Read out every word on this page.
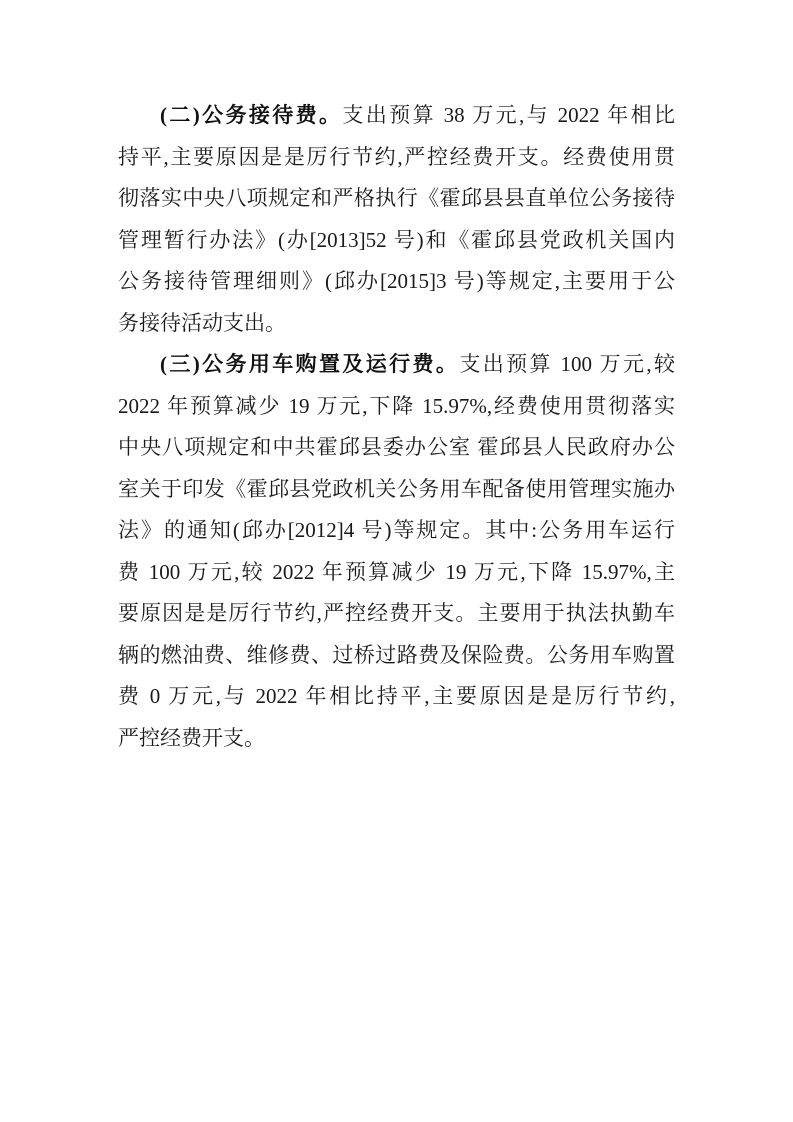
(二)公务接待费。支出预算 38 万元,与 2022 年相比
持平,主要原因是是厉行节约,严控经费开支。经费使用贯
彻落实中央八项规定和严格执行《霍邱县县直单位公务接待
管理暂行办法》(办[2013]52 号)和《霍邱县党政机关国内
公务接待管理细则》(邱办[2015]3 号)等规定,主要用于公
务接待活动支出。
(三)公务用车购置及运行费。支出预算 100 万元,较
2022 年预算减少 19 万元,下降 15.97%,经费使用贯彻落实
中央八项规定和中共霍邱县委办公室 霍邱县人民政府办公
室关于印发《霍邱县党政机关公务用车配备使用管理实施办
法》的通知(邱办[2012]4 号)等规定。其中:公务用车运行
费 100 万元,较 2022 年预算减少 19 万元,下降 15.97%,主
要原因是是厉行节约,严控经费开支。主要用于执法执勤车
辆的燃油费、维修费、过桥过路费及保险费。公务用车购置
费 0 万元,与 2022 年相比持平,主要原因是是厉行节约,
严控经费开支。
